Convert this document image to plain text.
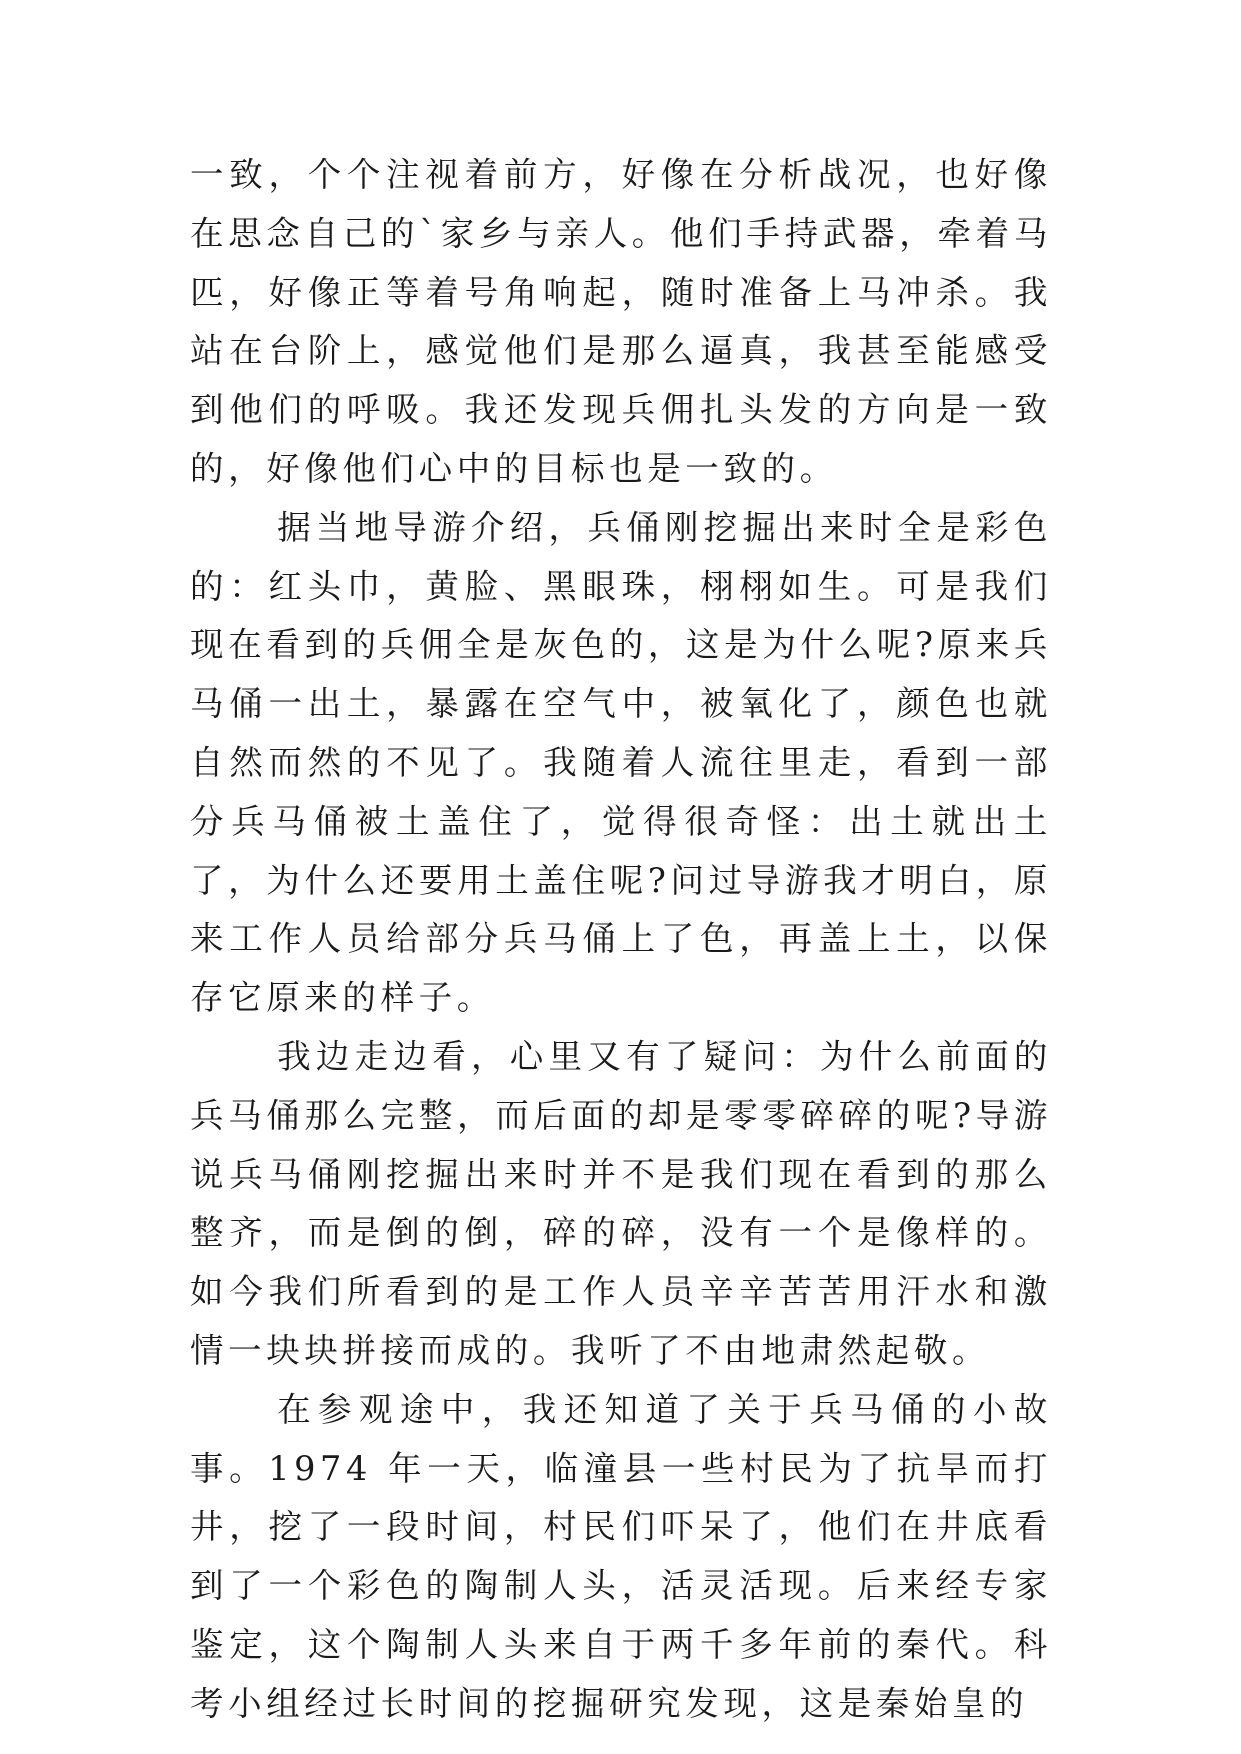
一致，个个注视着前方，好像在分析战况，也好像在思念自己的`家乡与亲人。他们手持武器，牵着马匹，好像正等着号角响起，随时准备上马冲杀。我站在台阶上，感觉他们是那么逼真，我甚至能感受到他们的呼吸。我还发现兵佣扎头发的方向是一致的，好像他们心中的目标也是一致的。

据当地导游介绍，兵俑刚挖掘出来时全是彩色的：红头巾，黄脸、黑眼珠，栩栩如生。可是我们现在看到的兵佣全是灰色的，这是为什么呢?原来兵马俑一出土，暴露在空气中，被氧化了，颜色也就自然而然的不见了。我随着人流往里走，看到一部分兵马俑被土盖住了，觉得很奇怪：出土就出土了，为什么还要用土盖住呢?问过导游我才明白，原来工作人员给部分兵马俑上了色，再盖上土，以保存它原来的样子。

我边走边看，心里又有了疑问：为什么前面的兵马俑那么完整，而后面的却是零零碎碎的呢?导游说兵马俑刚挖掘出来时并不是我们现在看到的那么整齐，而是倒的倒，碎的碎，没有一个是像样的。如今我们所看到的是工作人员辛辛苦苦用汗水和激情一块块拼接而成的。我听了不由地肃然起敬。

在参观途中，我还知道了关于兵马俑的小故事。1974 年一天，临潼县一些村民为了抗旱而打井，挖了一段时间，村民们吓呆了，他们在井底看到了一个彩色的陶制人头，活灵活现。后来经专家鉴定，这个陶制人头来自于两千多年前的秦代。科考小组经过长时间的挖掘研究发现，这是秦始皇的
